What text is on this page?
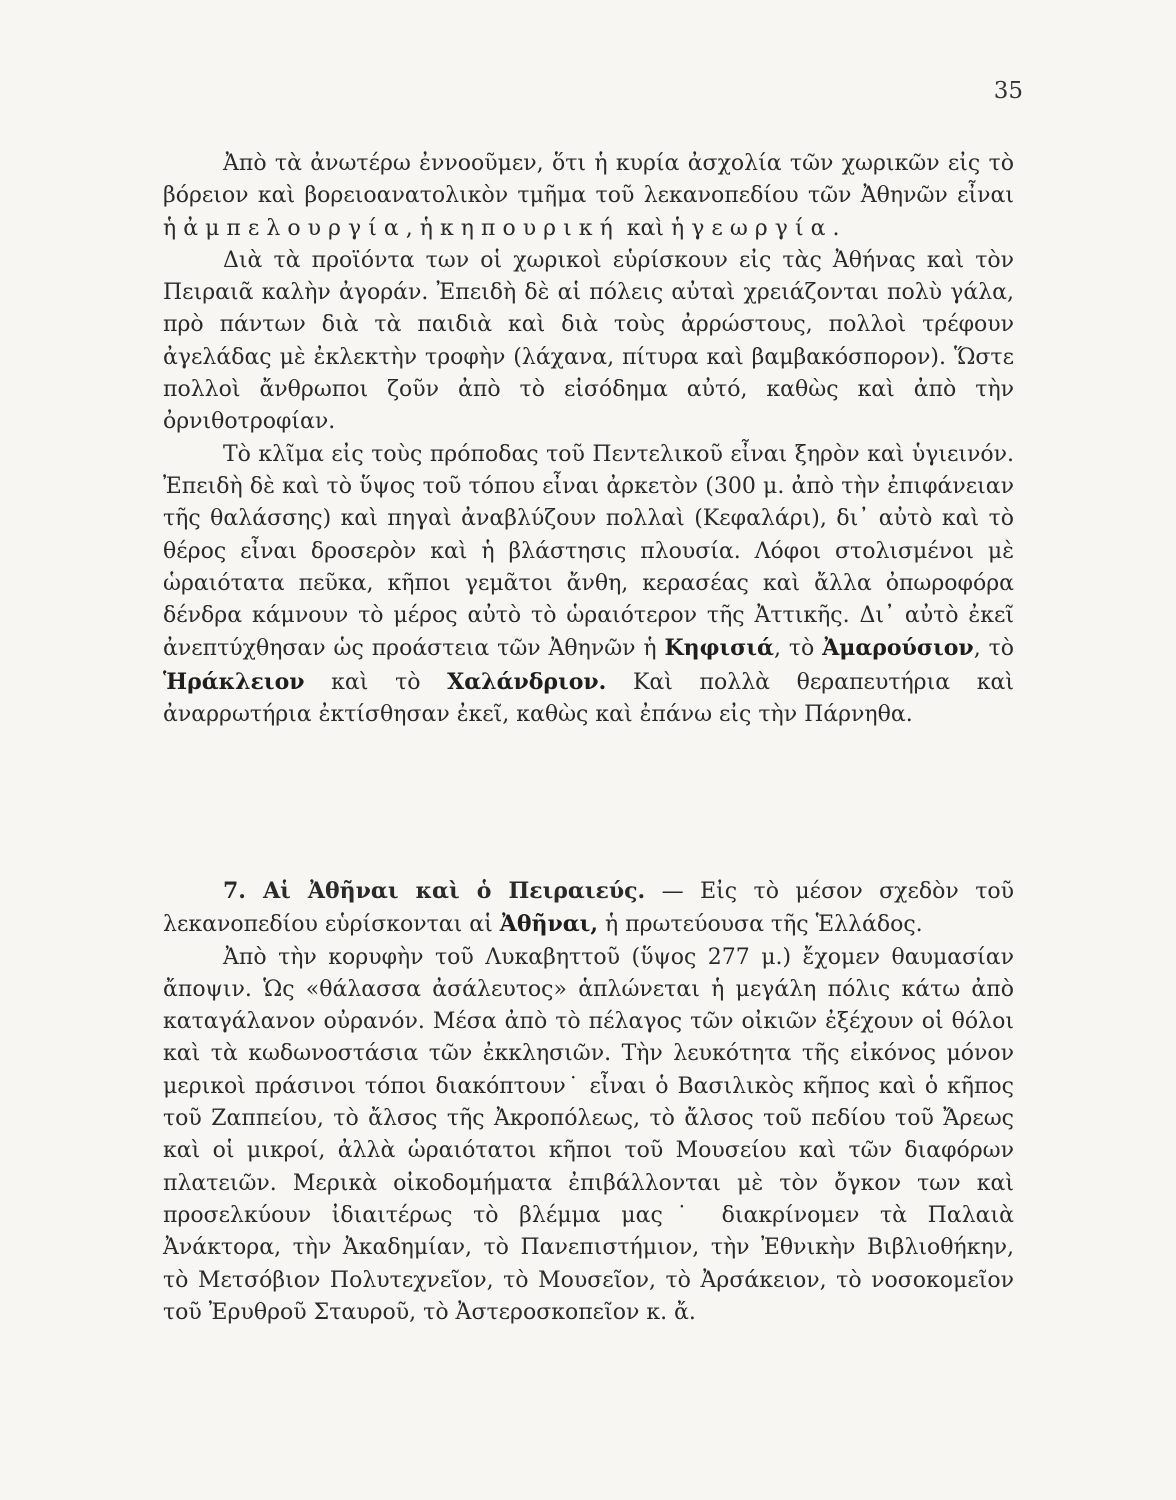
35

Ἀπὸ τὰ ἀνωτέρω ἐννοοῦμεν, ὅτι ἡ κυρία ἀσχολία τῶν χωρικῶν εἰς τὸ βόρειον καὶ βορειοανατολικὸν τμῆμα τοῦ λεκανοπεδίου τῶν Ἀθηνῶν εἶναι ἡ ἀμπελουργία, ἡ κηπουρική καὶ ἡ γεωργία.

Διὰ τὰ προϊόντα των οἱ χωρικοὶ εὑρίσκουν εἰς τὰς Ἀθήνας καὶ τὸν Πειραιᾶ καλὴν ἀγοράν. Ἐπειδὴ δὲ αἱ πόλεις αὐταὶ χρειάζονται πολὺ γάλα, πρὸ πάντων διὰ τὰ παιδιὰ καὶ διὰ τοὺς ἀρρώστους, πολλοὶ τρέφουν ἀγελάδας μὲ ἐκλεκτὴν τροφὴν (λάχανα, πίτυρα καὶ βαμβακόσπορον). Ὥστε πολλοὶ ἄνθρωποι ζοῦν ἀπὸ τὸ εἰσόδημα αὐτό, καθὼς καὶ ἀπὸ τὴν ὀρνιθοτροφίαν.

Τὸ κλῖμα εἰς τοὺς πρόποδας τοῦ Πεντελικοῦ εἶναι ξηρὸν καὶ ὑγιεινόν. Ἐπειδὴ δὲ καὶ τὸ ὕψος τοῦ τόπου εἶναι ἀρκετὸν (300 μ. ἀπὸ τὴν ἐπιφάνειαν τῆς θαλάσσης) καὶ πηγαὶ ἀναβλύζουν πολλαὶ (Κεφαλάρι), δι᾽ αὐτὸ καὶ τὸ θέρος εἶναι δροσερὸν καὶ ἡ βλάστησις πλουσία. Λόφοι στολισμένοι μὲ ὡραιότατα πεῦκα, κῆποι γεμᾶτοι ἄνθη, κερασέας καὶ ἄλλα ὀπωροφόρα δένδρα κάμνουν τὸ μέρος αὐτὸ τὸ ὡραιότερον τῆς Ἀττικῆς. Δι᾽ αὐτὸ ἐκεῖ ἀνεπτύχθησαν ὡς προάστεια τῶν Ἀθηνῶν ἡ Κηφισιά, τὸ Ἀμαρούσιον, τὸ Ἡράκλειον καὶ τὸ Χαλάνδριον. Καὶ πολλὰ θεραπευτήρια καὶ ἀναρρωτήρια ἐκτίσθησαν ἐκεῖ, καθὼς καὶ ἐπάνω εἰς τὴν Πάρνηθα.

7. Αἱ Ἀθῆναι καὶ ὁ Πειραιεύς. — Εἰς τὸ μέσον σχεδὸν τοῦ λεκανοπεδίου εὑρίσκονται αἱ Ἀθῆναι, ἡ πρωτεύουσα τῆς Ἑλλάδος.

Ἀπὸ τὴν κορυφὴν τοῦ Λυκαβηττοῦ (ὕψος 277 μ.) ἔχομεν θαυμασίαν ἄποψιν. Ὡς «θάλασσα ἀσάλευτος» ἁπλώνεται ἡ μεγάλη πόλις κάτω ἀπὸ καταγάλανον οὐρανόν. Μέσα ἀπὸ τὸ πέλαγος τῶν οἰκιῶν ἐξέχουν οἱ θόλοι καὶ τὰ κωδωνοστάσια τῶν ἐκκλησιῶν. Τὴν λευκότητα τῆς εἰκόνος μόνον μερικοὶ πράσινοι τόποι διακόπτουν˙ εἶναι ὁ Βασιλικὸς κῆπος καὶ ὁ κῆπος τοῦ Ζαππείου, τὸ ἄλσος τῆς Ἀκροπόλεως, τὸ ἄλσος τοῦ πεδίου τοῦ Ἄρεως καὶ οἱ μικροί, ἀλλὰ ὡραιότατοι κῆποι τοῦ Μουσείου καὶ τῶν διαφόρων πλατειῶν. Μερικὰ οἰκοδομήματα ἐπιβάλλονται μὲ τὸν ὄγκον των καὶ προσελκύουν ἰδιαιτέρως τὸ βλέμμα μας˙ διακρίνομεν τὰ Παλαιὰ Ἀνάκτορα, τὴν Ἀκαδημίαν, τὸ Πανεπιστήμιον, τὴν Ἐθνικὴν Βιβλιοθήκην, τὸ Μετσόβιον Πολυτεχνεῖον, τὸ Μουσεῖον, τὸ Ἀρσάκειον, τὸ νοσοκομεῖον τοῦ Ἐρυθροῦ Σταυροῦ, τὸ Ἀστεροσκοπεῖον κ. ἄ.
